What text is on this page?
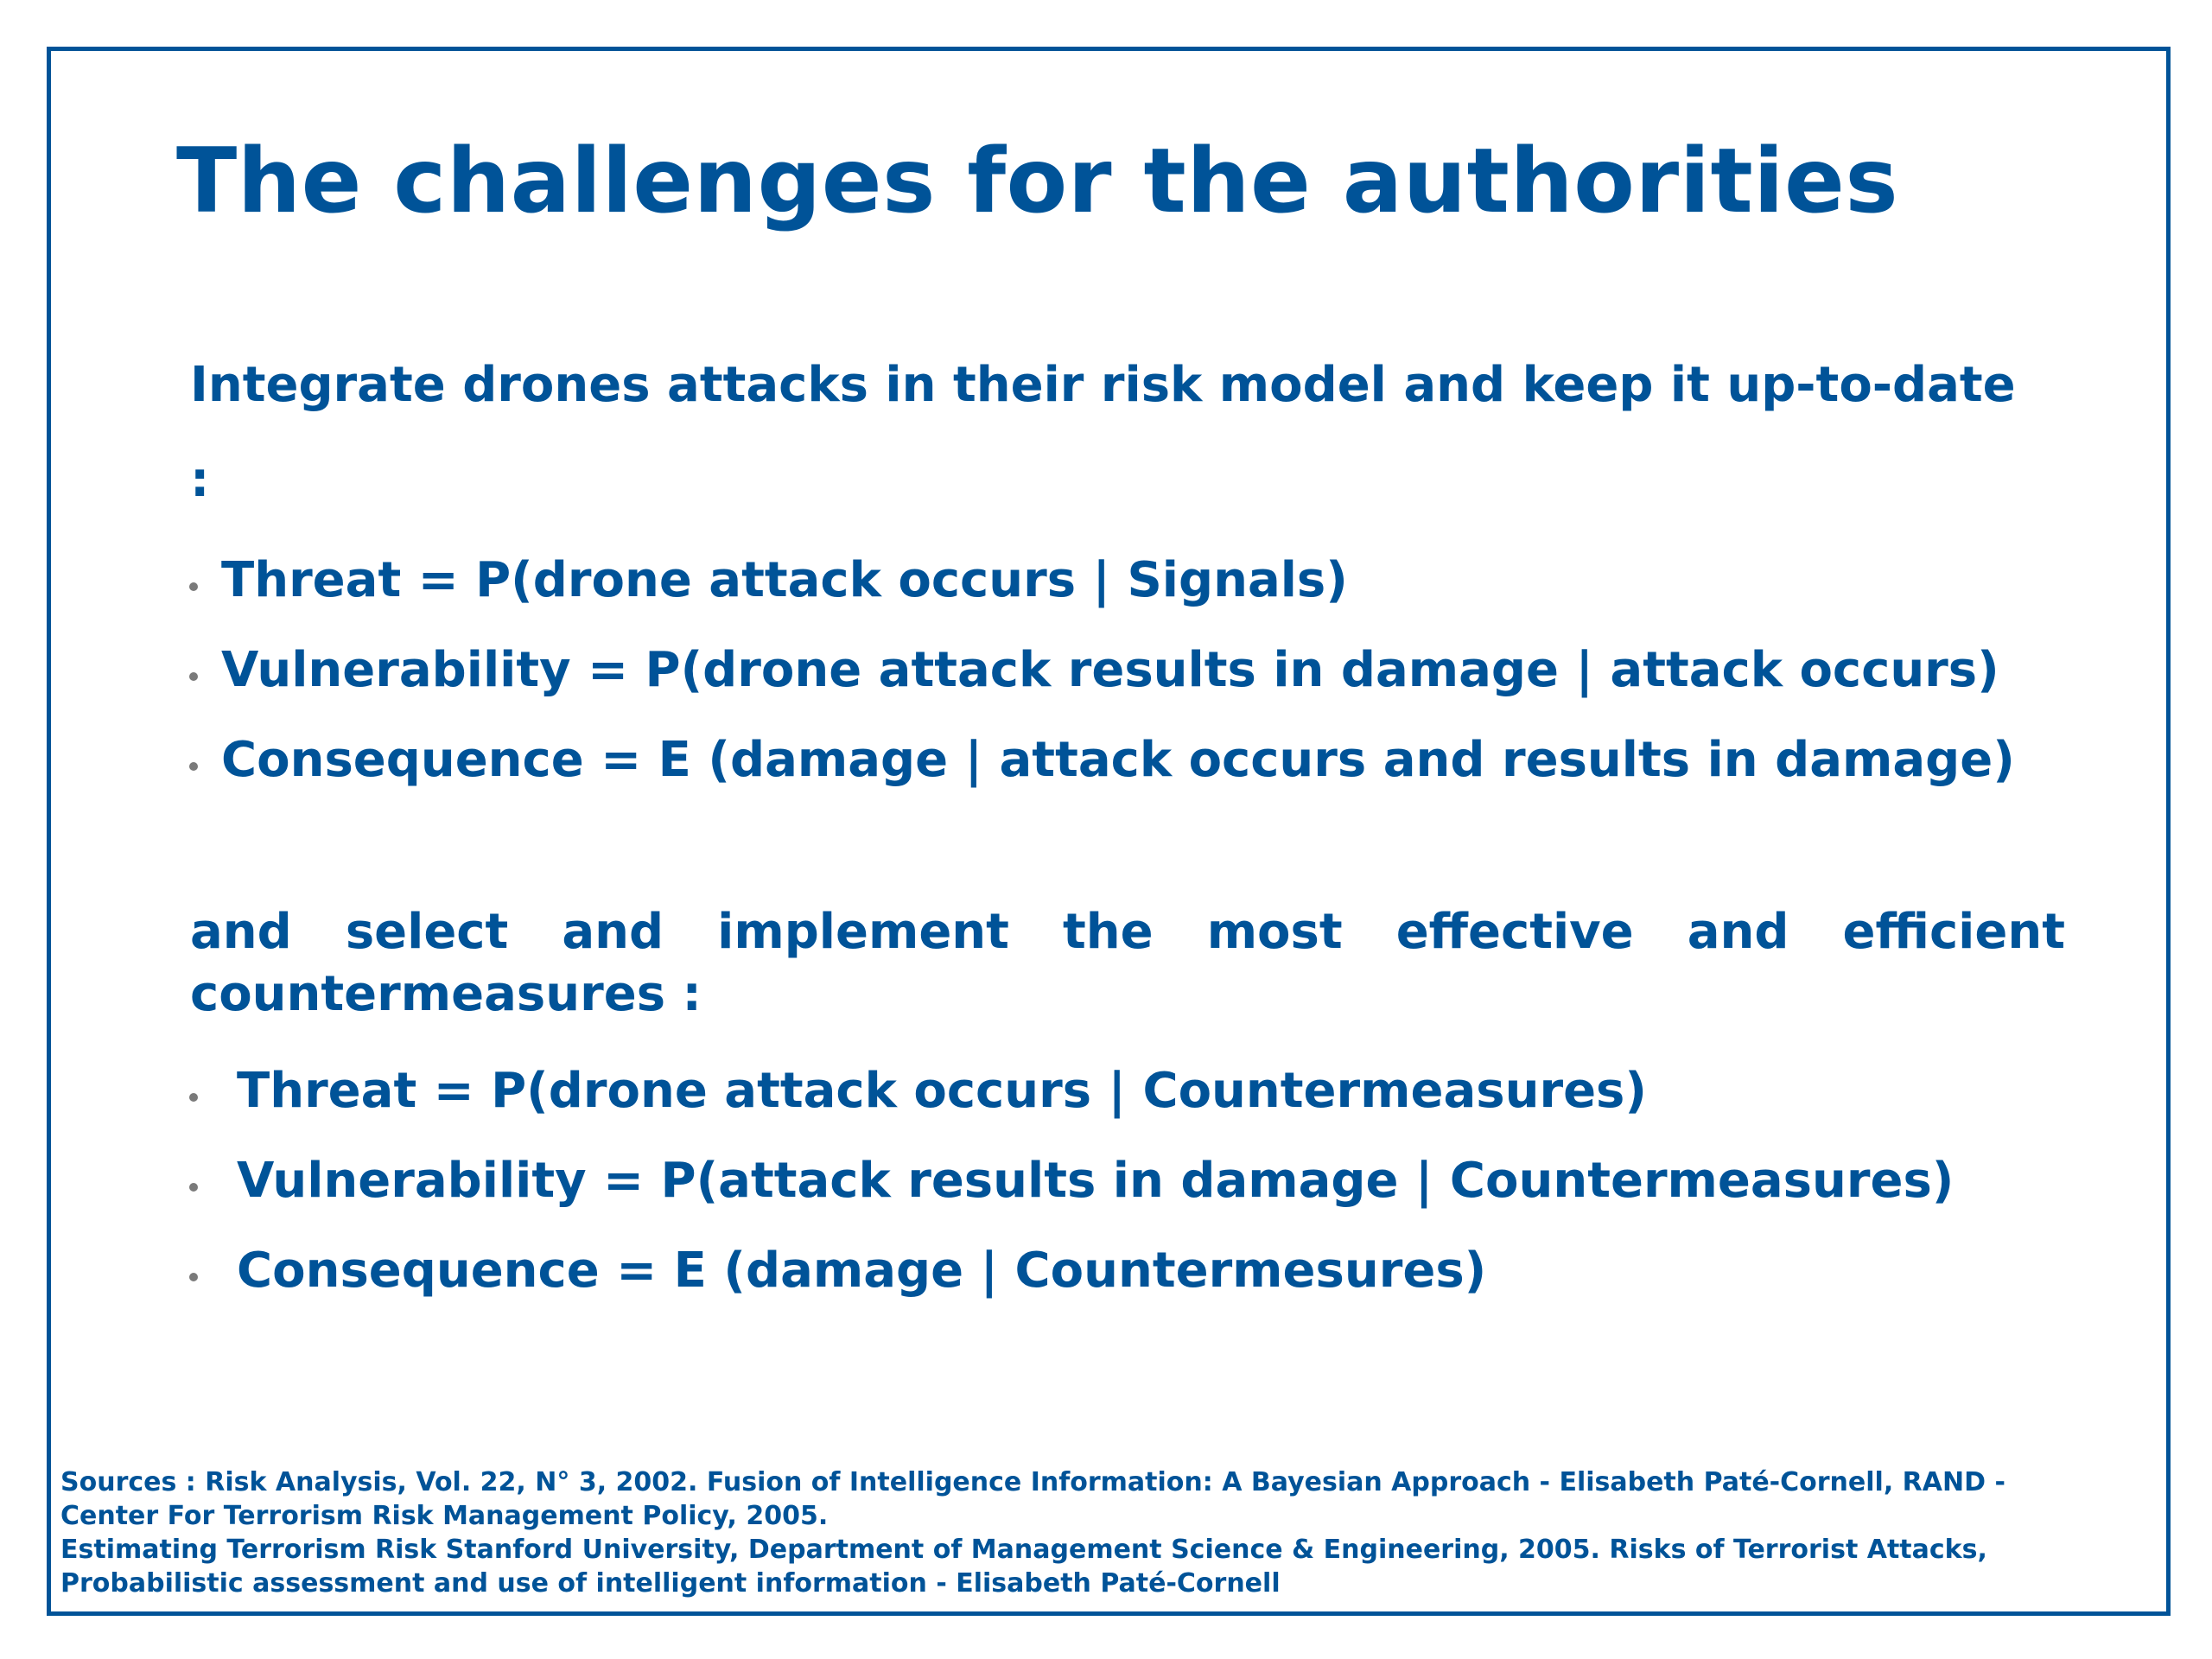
The challenges for the authorities
Integrate drones attacks in their risk model and keep it up-to-date
:
Threat = P(drone attack occurs | Signals)
Vulnerability = P(drone attack results in damage | attack occurs)
Consequence = E (damage | attack occurs and results in damage)
and select and implement the most effective and efficient countermeasures :
Threat = P(drone attack occurs | Countermeasures)
Vulnerability = P(attack results in damage | Countermeasures)
Consequence = E (damage | Countermesures)
Sources : Risk Analysis, Vol. 22, N° 3, 2002. Fusion of Intelligence Information: A Bayesian Approach - Elisabeth Paté-Cornell, RAND -
Center For Terrorism Risk Management Policy, 2005.
Estimating Terrorism Risk Stanford University, Department of Management Science & Engineering, 2005. Risks of Terrorist Attacks,
Probabilistic assessment and use of intelligent information - Elisabeth Paté-Cornell
